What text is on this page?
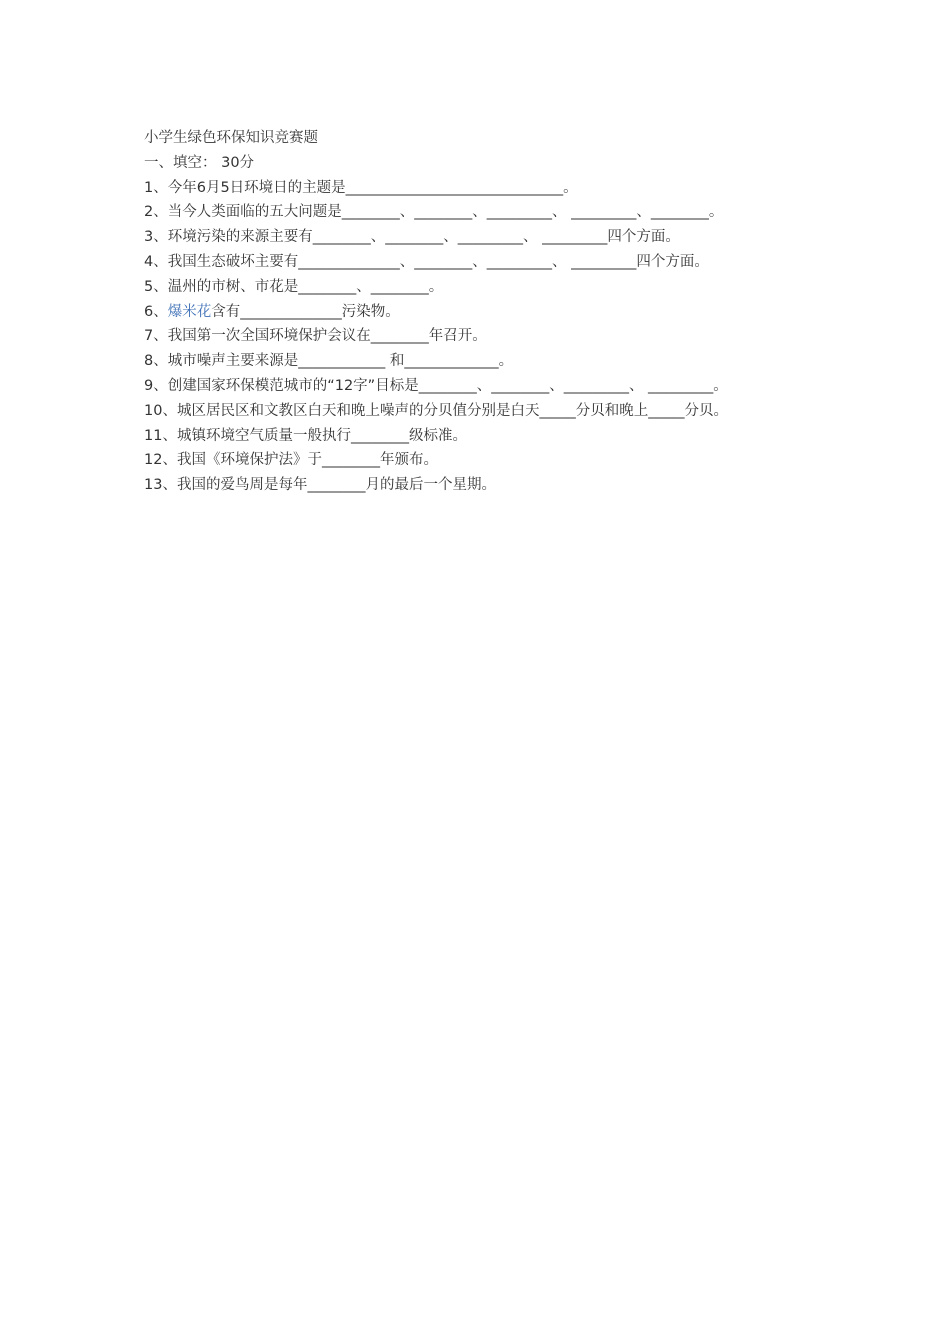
小学生绿色环保知识竞赛题
一、填空： 30分
1、今年6月5日环境日的主题是______________________________。
2、当今人类面临的五大问题是________、________、_________、 _________、________。
3、环境污染的来源主要有________、________、_________、 _________四个方面。
4、我国生态破坏主要有______________、________、_________、 _________四个方面。
5、温州的市树、市花是________、________。
6、爆米花含有______________污染物。
7、我国第一次全国环境保护会议在________年召开。
8、城市噪声主要来源是____________ 和_____________。
9、创建国家环保模范城市的“12字”目标是________、________、_________、 _________。
10、城区居民区和文教区白天和晚上噪声的分贝值分别是白天_____分贝和晚上_____分贝。
11、城镇环境空气质量一般执行________级标准。
12、我国《环境保护法》于________年颁布。
13、我国的爱鸟周是每年________月的最后一个星期。
